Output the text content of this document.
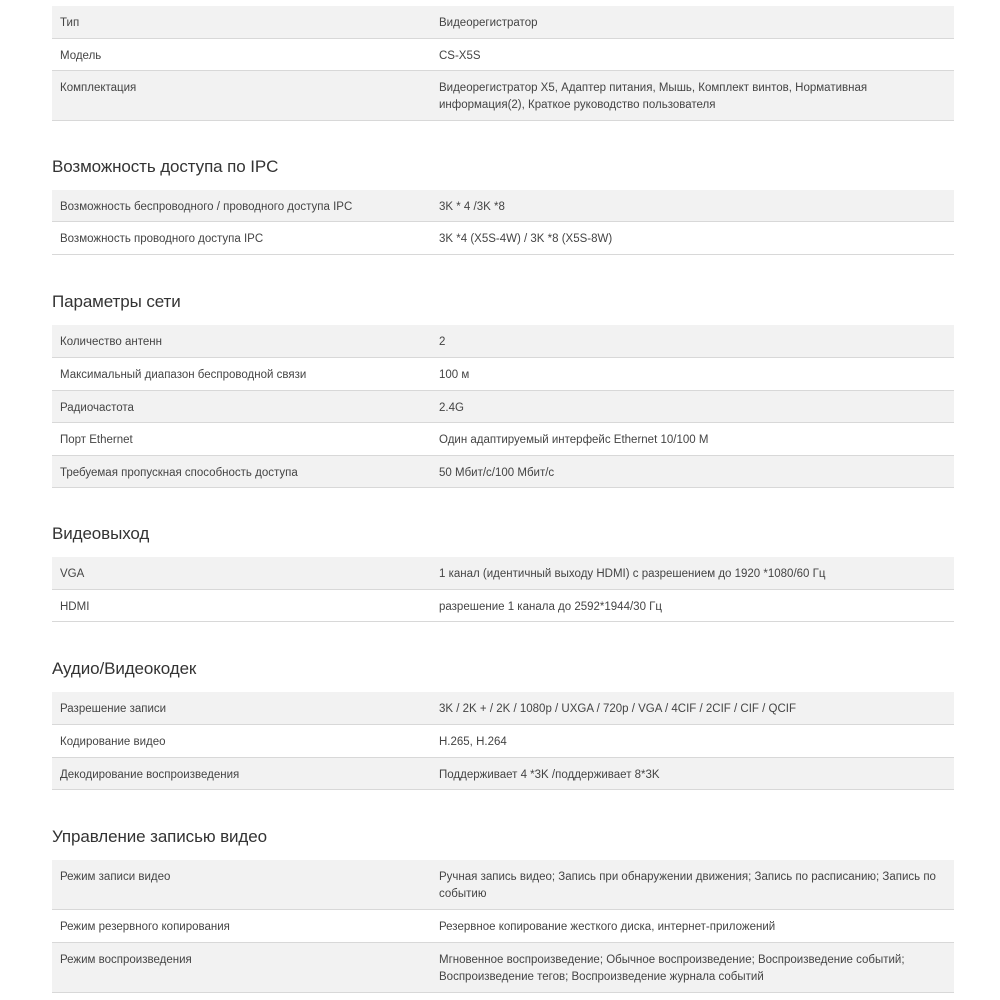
Тип	Видеорегистратор
Модель	CS-X5S
Комплектация	Видеорегистратор X5, Адаптер питания, Мышь, Комплект винтов, Нормативная информация(2), Краткое руководство пользователя
Возможность доступа по IPC
Возможность беспроводного / проводного доступа IPC	3K * 4 /3K *8
Возможность проводного доступа IPC	3K *4 (X5S-4W) / 3K *8 (X5S-8W)
Параметры сети
Количество антенн	2
Максимальный диапазон беспроводной связи	100 м
Радиочастота	2.4G
Порт Ethernet	Один адаптируемый интерфейс Ethernet 10/100 M
Требуемая пропускная способность доступа	50 Мбит/с/100 Мбит/с
Видеовыход
VGA	1 канал (идентичный выходу HDMI) с разрешением до 1920 *1080/60 Гц
HDMI	разрешение 1 канала до 2592*1944/30 Гц
Аудио/Видеокодек
Разрешение записи	3K / 2K + / 2K / 1080p / UXGA / 720p / VGA / 4CIF / 2CIF / CIF / QCIF
Кодирование видео	H.265, H.264
Декодирование воспроизведения	Поддерживает 4 *3K /поддерживает 8*3K
Управление записью видео
Режим записи видео	Ручная запись видео; Запись при обнаружении движения; Запись по расписанию; Запись по событию
Режим резервного копирования	Резервное копирование жесткого диска, интернет-приложений
Режим воспроизведения	Мгновенное воспроизведение; Обычное воспроизведение; Воспроизведение событий; Воспроизведение тегов; Воспроизведение журнала событий
